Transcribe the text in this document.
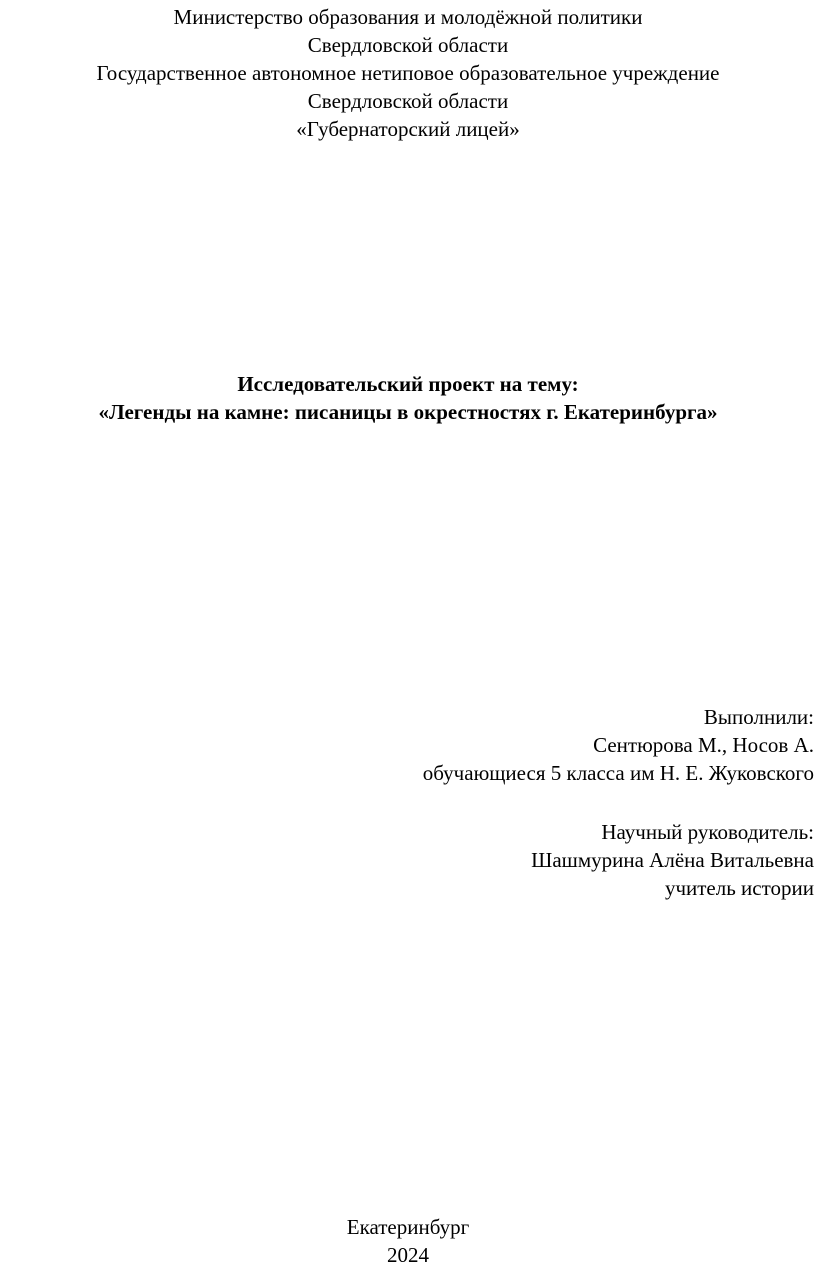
Министерство образования и молодёжной политики
Свердловской области
Государственное автономное нетиповое образовательное учреждение
Свердловской области
«Губернаторский лицей»
Исследовательский проект на тему:
«Легенды на камне: писаницы в окрестностях г. Екатеринбурга»
Выполнили:
Сентюрова М., Носов А.
обучающиеся 5 класса им Н. Е. Жуковского
Научный руководитель:
Шашмурина Алёна Витальевна
учитель истории
Екатеринбург
2024
